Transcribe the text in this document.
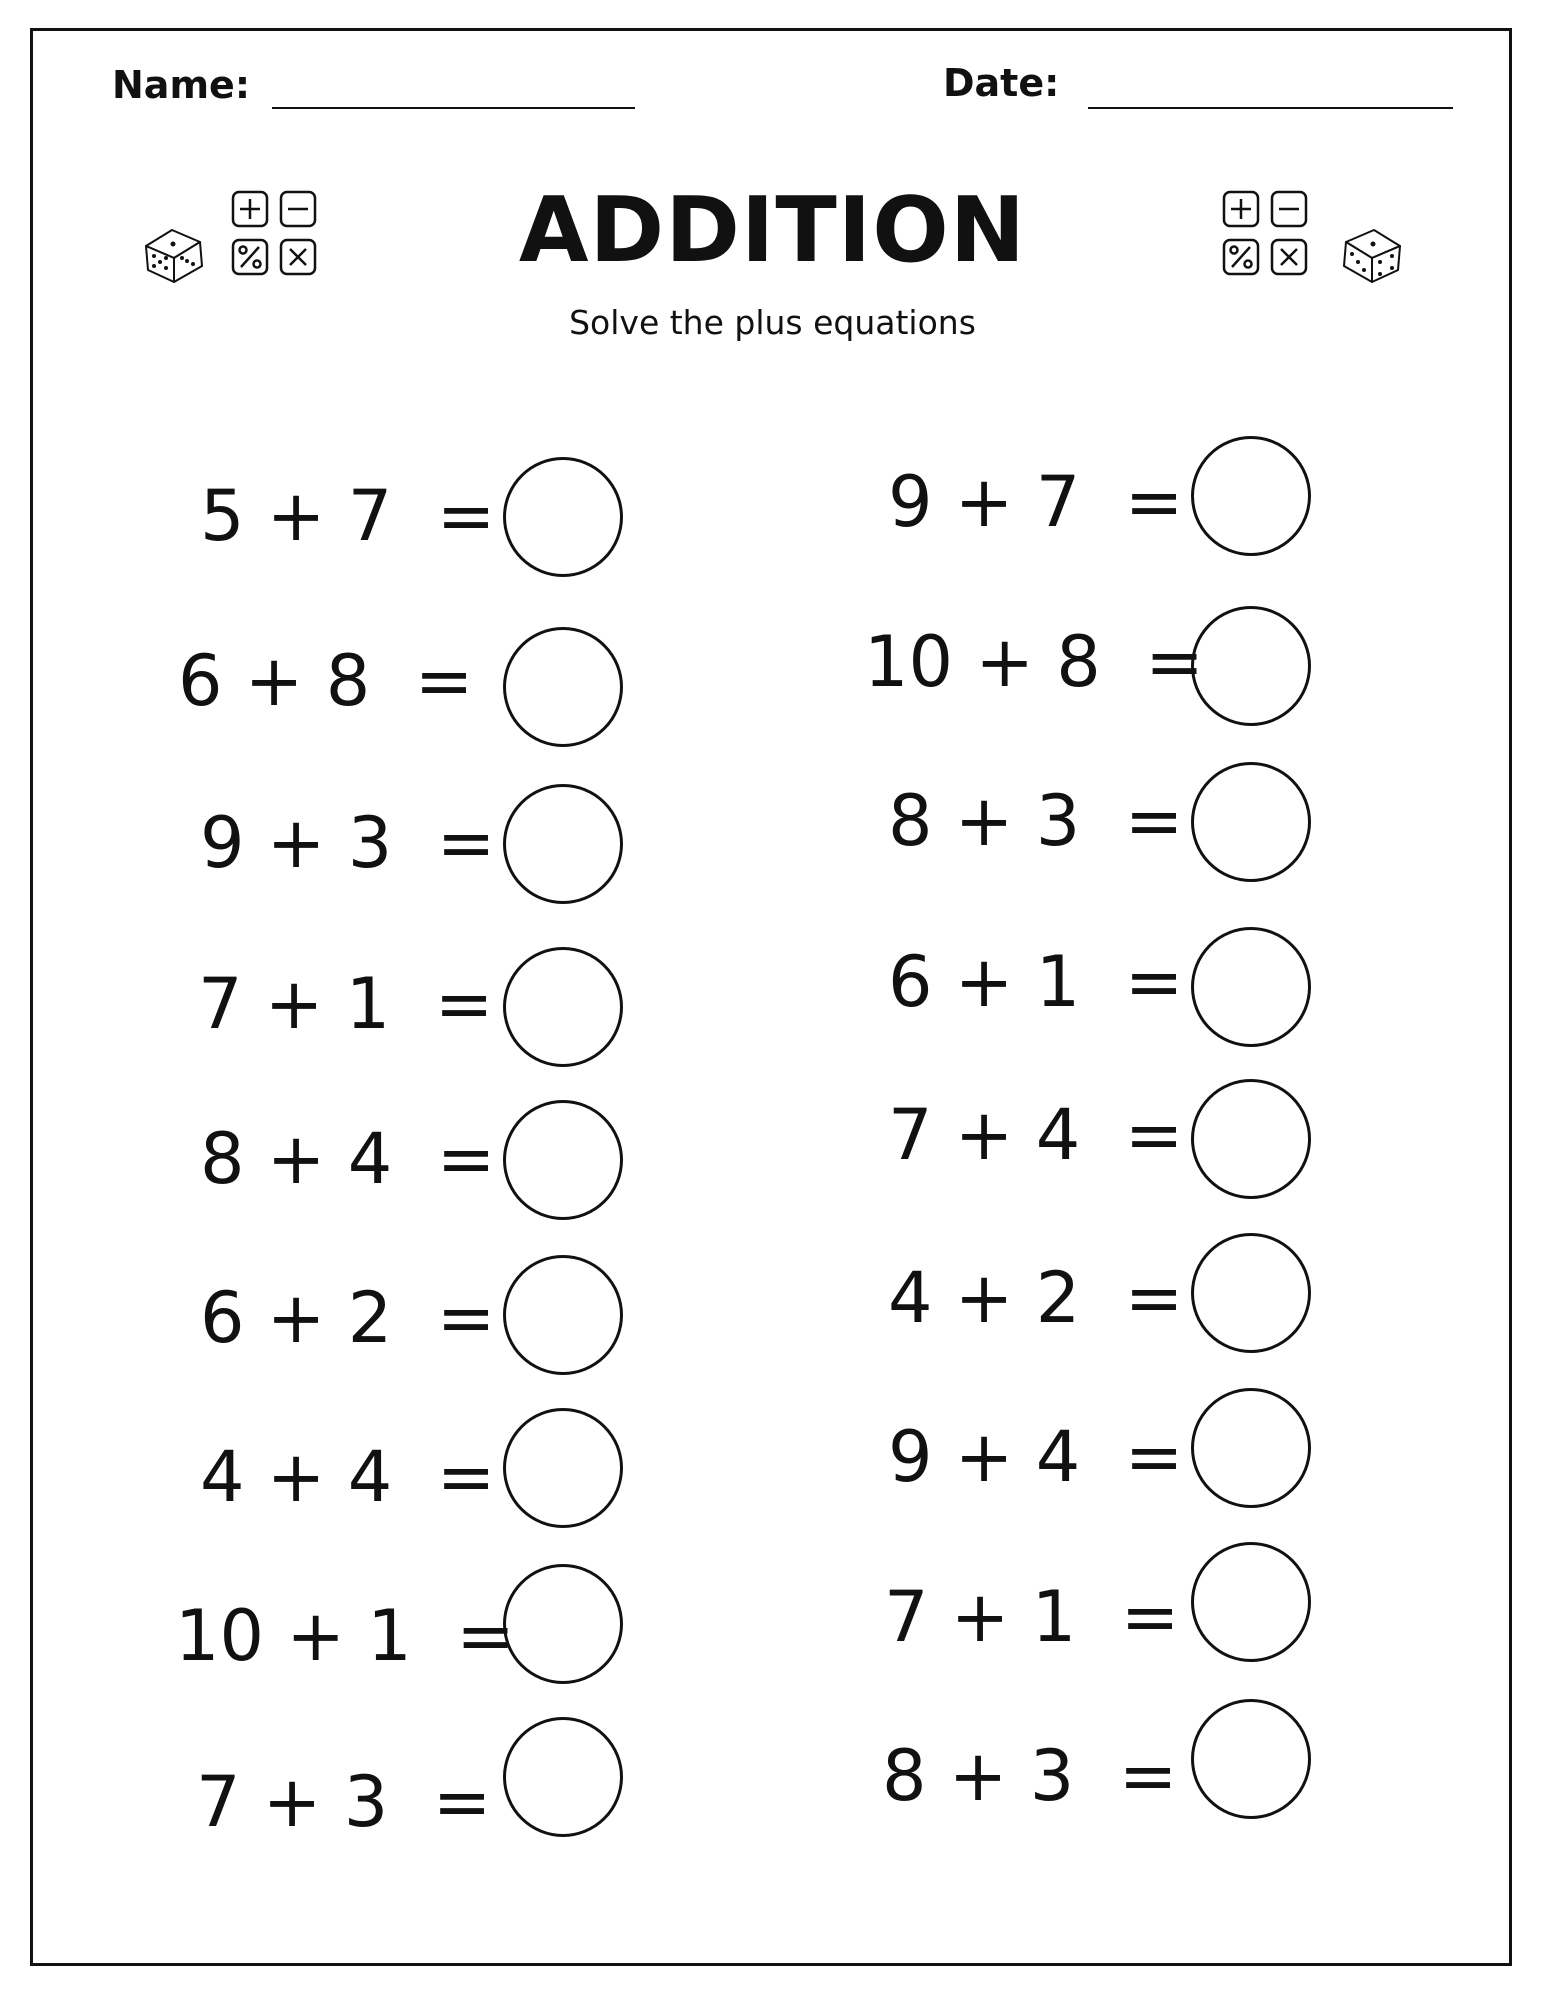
Name:	Date:
ADDITION
Solve the plus equations
5 + 7  =
6 + 8  =
9 + 3  =
7 + 1  =
8 + 4  =
6 + 2  =
4 + 4  =
10 + 1  =
7 + 3  =
9 + 7  =
10 + 8  =
8 + 3  =
6 + 1  =
7 + 4  =
4 + 2  =
9 + 4  =
7 + 1  =
8 + 3  =
